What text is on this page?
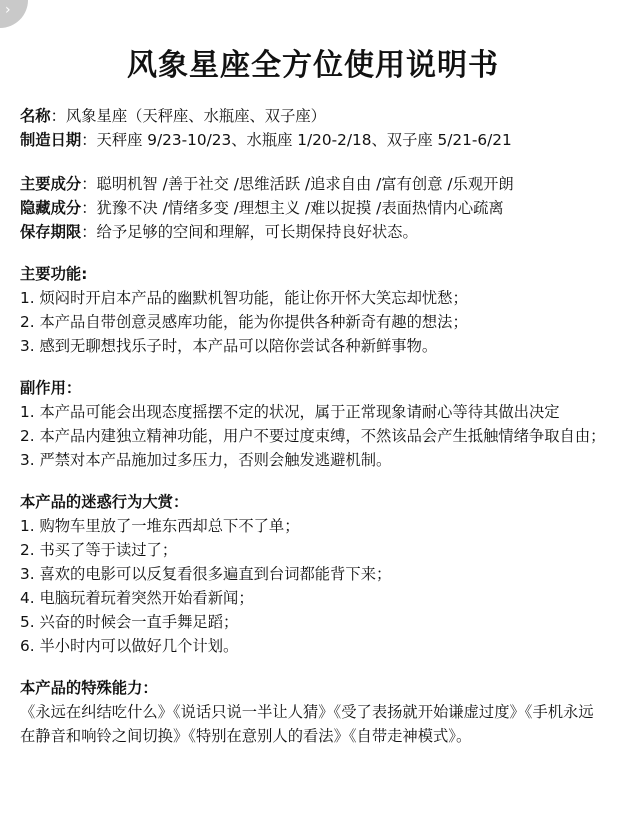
›
风象星座全方位使用说明书
名称：风象星座（天秤座、水瓶座、双子座）
制造日期：天秤座 9/23-10/23、水瓶座 1/20-2/18、双子座 5/21-6/21
主要成分：聪明机智 /善于社交 /思维活跃 /追求自由 /富有创意 /乐观开朗
隐藏成分：犹豫不决 /情绪多变 /理想主义 /难以捉摸 /表面热情内心疏离
保存期限：给予足够的空间和理解，可长期保持良好状态。
主要功能:
1. 烦闷时开启本产品的幽默机智功能，能让你开怀大笑忘却忧愁；
2. 本产品自带创意灵感库功能，能为你提供各种新奇有趣的想法；
3. 感到无聊想找乐子时，本产品可以陪你尝试各种新鲜事物。
副作用：
1. 本产品可能会出现态度摇摆不定的状况，属于正常现象请耐心等待其做出决定
2. 本产品内建独立精神功能，用户不要过度束缚，不然该品会产生抵触情绪争取自由；
3. 严禁对本产品施加过多压力，否则会触发逃避机制。
本产品的迷惑行为大赏：
1. 购物车里放了一堆东西却总下不了单；
2. 书买了等于读过了；
3. 喜欢的电影可以反复看很多遍直到台词都能背下来；
4. 电脑玩着玩着突然开始看新闻；
5. 兴奋的时候会一直手舞足蹈；
6. 半小时内可以做好几个计划。
本产品的特殊能力：
《永远在纠结吃什么》《说话只说一半让人猜》《受了表扬就开始谦虚过度》《手机永远在静音和响铃之间切换》《特别在意别人的看法》《自带走神模式》。
